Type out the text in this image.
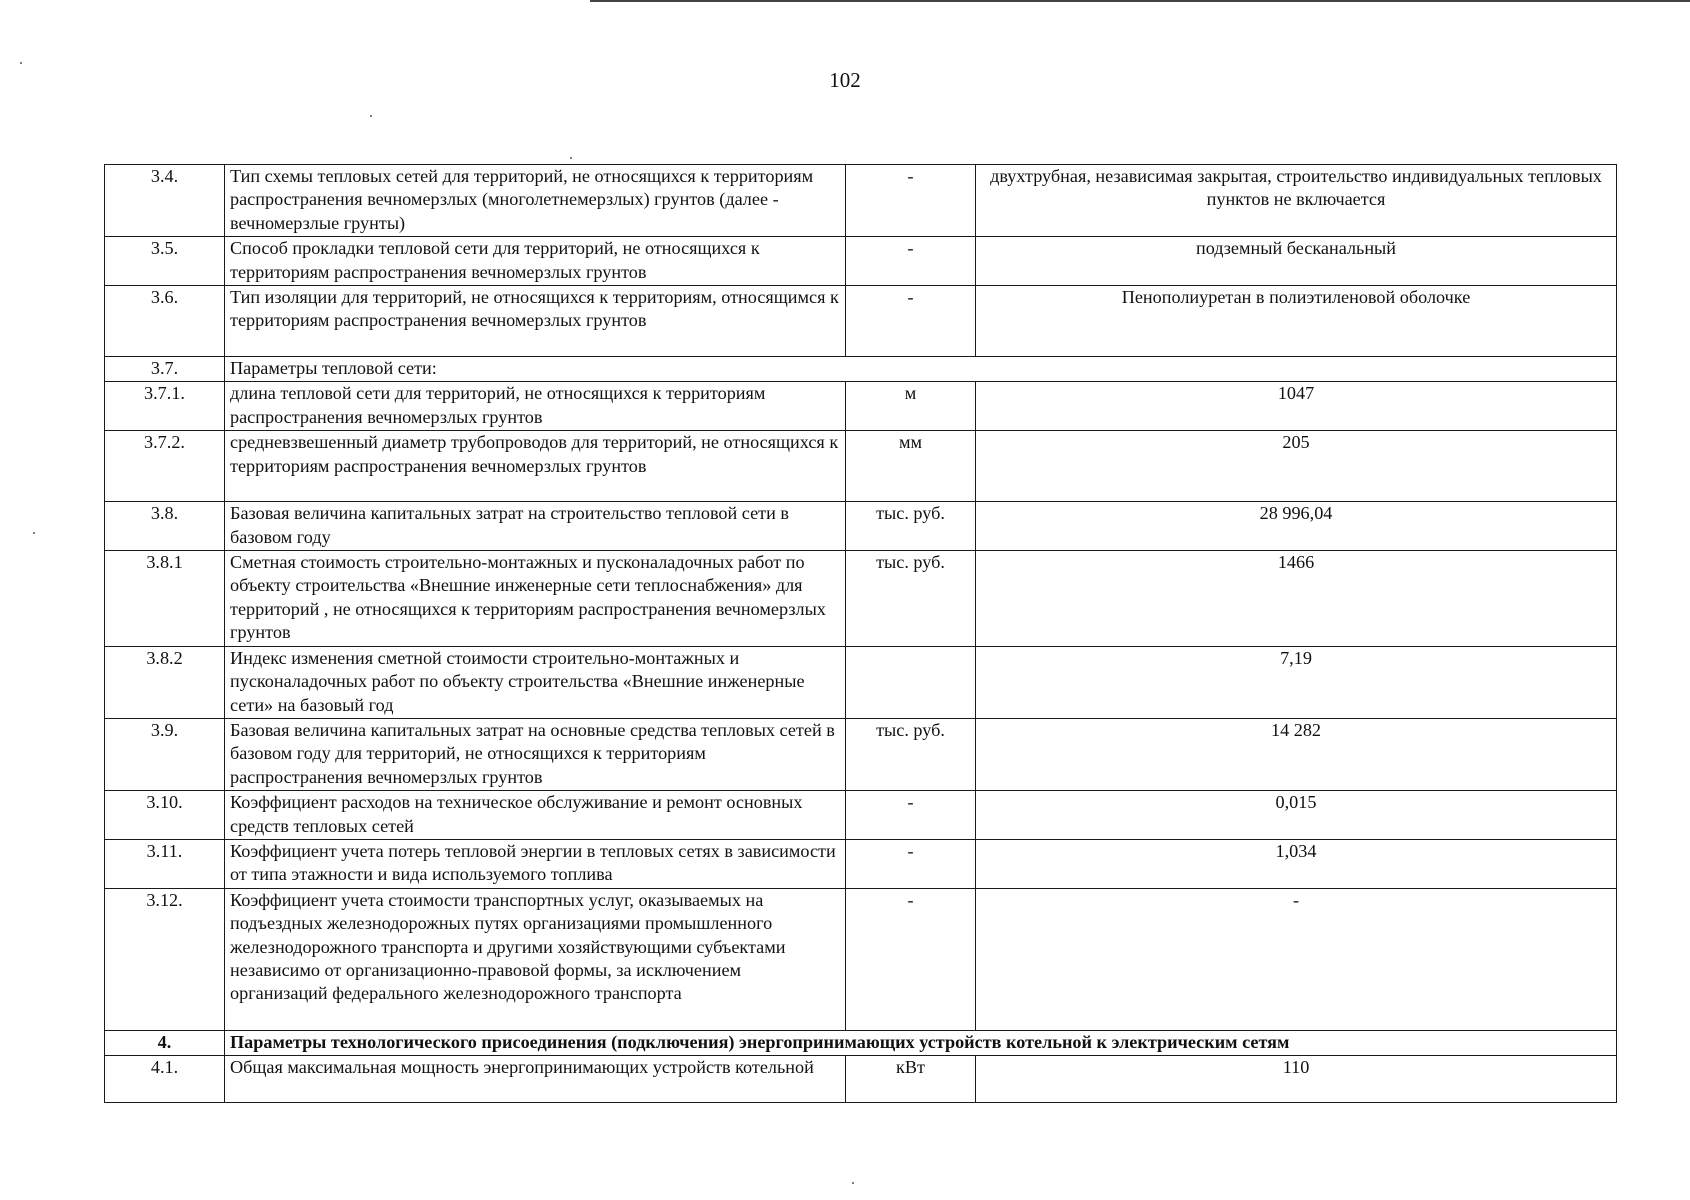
102
3.4.	Тип схемы тепловых сетей для территорий, не относящихся к территориям распространения вечномерзлых (многолетнемерзлых) грунтов (далее - вечномерзлые грунты)	-	двухтрубная, независимая закрытая, строительство индивидуальных тепловых пунктов не включается
3.5.	Способ прокладки тепловой сети для территорий, не относящихся к территориям распространения вечномерзлых грунтов	-	подземный бесканальный
3.6.	Тип изоляции для территорий, не относящихся к территориям, относящимся к территориям распространения вечномерзлых грунтов	-	Пенополиуретан в полиэтиленовой оболочке
3.7.	Параметры тепловой сети:		
3.7.1.	длина тепловой сети для территорий, не относящихся к территориям распространения вечномерзлых грунтов	м	1047
3.7.2.	средневзвешенный диаметр трубопроводов для территорий, не относящихся к территориям распространения вечномерзлых грунтов	мм	205
3.8.	Базовая величина капитальных затрат на строительство тепловой сети в базовом году	тыс. руб.	28 996,04
3.8.1	Сметная стоимость строительно-монтажных и пусконаладочных работ по объекту строительства «Внешние инженерные сети теплоснабжения» для территорий , не относящихся к территориям распространения вечномерзлых грунтов	тыс. руб.	1466
3.8.2	Индекс изменения сметной стоимости строительно-монтажных и пусконаладочных работ по объекту строительства «Внешние инженерные сети» на базовый год		7,19
3.9.	Базовая величина капитальных затрат на основные средства тепловых сетей в базовом году для территорий, не относящихся к территориям распространения вечномерзлых грунтов	тыс. руб.	14 282
3.10.	Коэффициент расходов на техническое обслуживание и ремонт основных средств тепловых сетей	-	0,015
3.11.	Коэффициент учета потерь тепловой энергии в тепловых сетях в зависимости от типа этажности и вида используемого топлива	-	1,034
3.12.	Коэффициент учета стоимости транспортных услуг, оказываемых на подъездных железнодорожных путях организациями промышленного железнодорожного транспорта и другими хозяйствующими субъектами независимо от организационно-правовой формы, за исключением организаций федерального железнодорожного транспорта	-	-
4.	Параметры технологического присоединения (подключения) энергопринимающих устройств котельной к электрическим сетям		
4.1.	Общая максимальная мощность энергопринимающих устройств котельной	кВт	110
